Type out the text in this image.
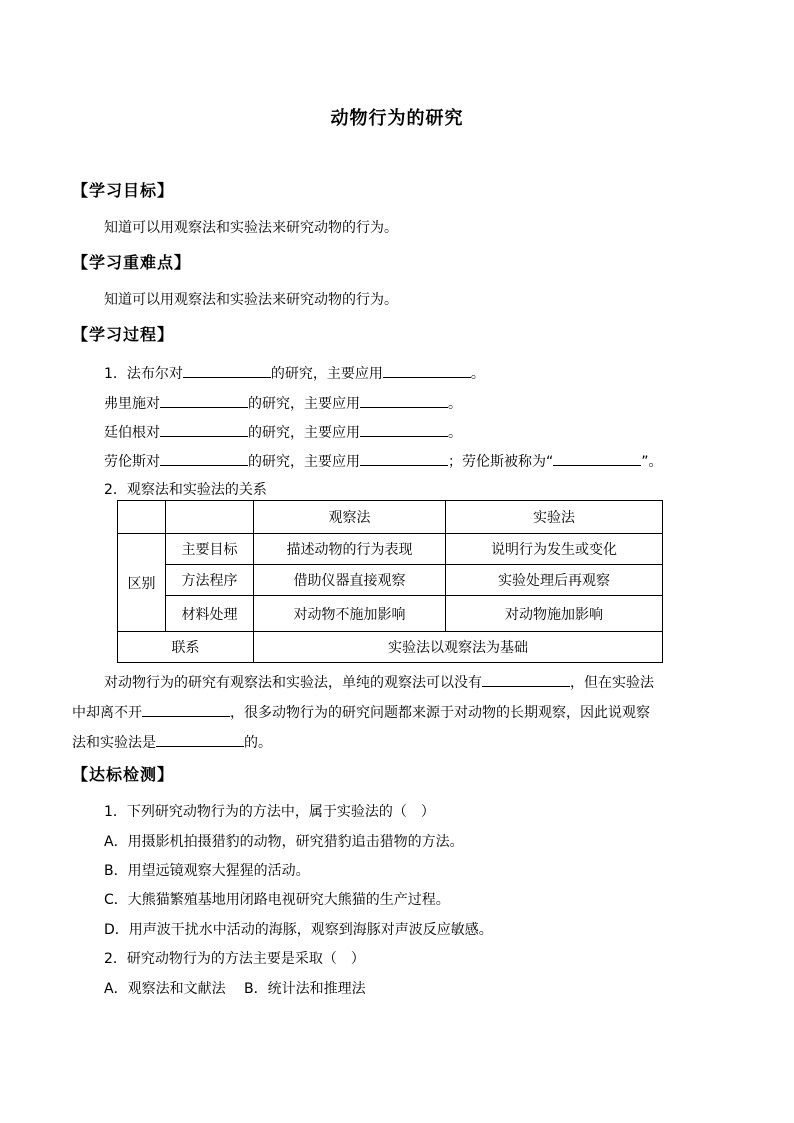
动物行为的研究
【学习目标】
知道可以用观察法和实验法来研究动物的行为。
【学习重难点】
知道可以用观察法和实验法来研究动物的行为。
【学习过程】
1．法布尔对	的研究，主要应用	。
弗里施对	的研究，主要应用	。
廷伯根对	的研究，主要应用	。
劳伦斯对	的研究，主要应用	；劳伦斯被称为“	”。
2．观察法和实验法的关系
		观察法	实验法
区别	主要目标	描述动物的行为表现	说明行为发生或变化
	方法程序	借助仪器直接观察	实验处理后再观察
	材料处理	对动物不施加影响	对动物施加影响
联系		实验法以观察法为基础	
对动物行为的研究有观察法和实验法，单纯的观察法可以没有	，但在实验法
中却离不开	，很多动物行为的研究问题都来源于对动物的长期观察，因此说观察
法和实验法是	的。
【达标检测】
1．下列研究动物行为的方法中，属于实验法的（　）
A．用摄影机拍摄猎豹的动物，研究猎豹追击猎物的方法。
B．用望远镜观察大猩猩的活动。
C．大熊猫繁殖基地用闭路电视研究大熊猫的生产过程。
D．用声波干扰水中活动的海豚，观察到海豚对声波反应敏感。
2．研究动物行为的方法主要是采取（　）
A．观察法和文献法　 B．统计法和推理法
